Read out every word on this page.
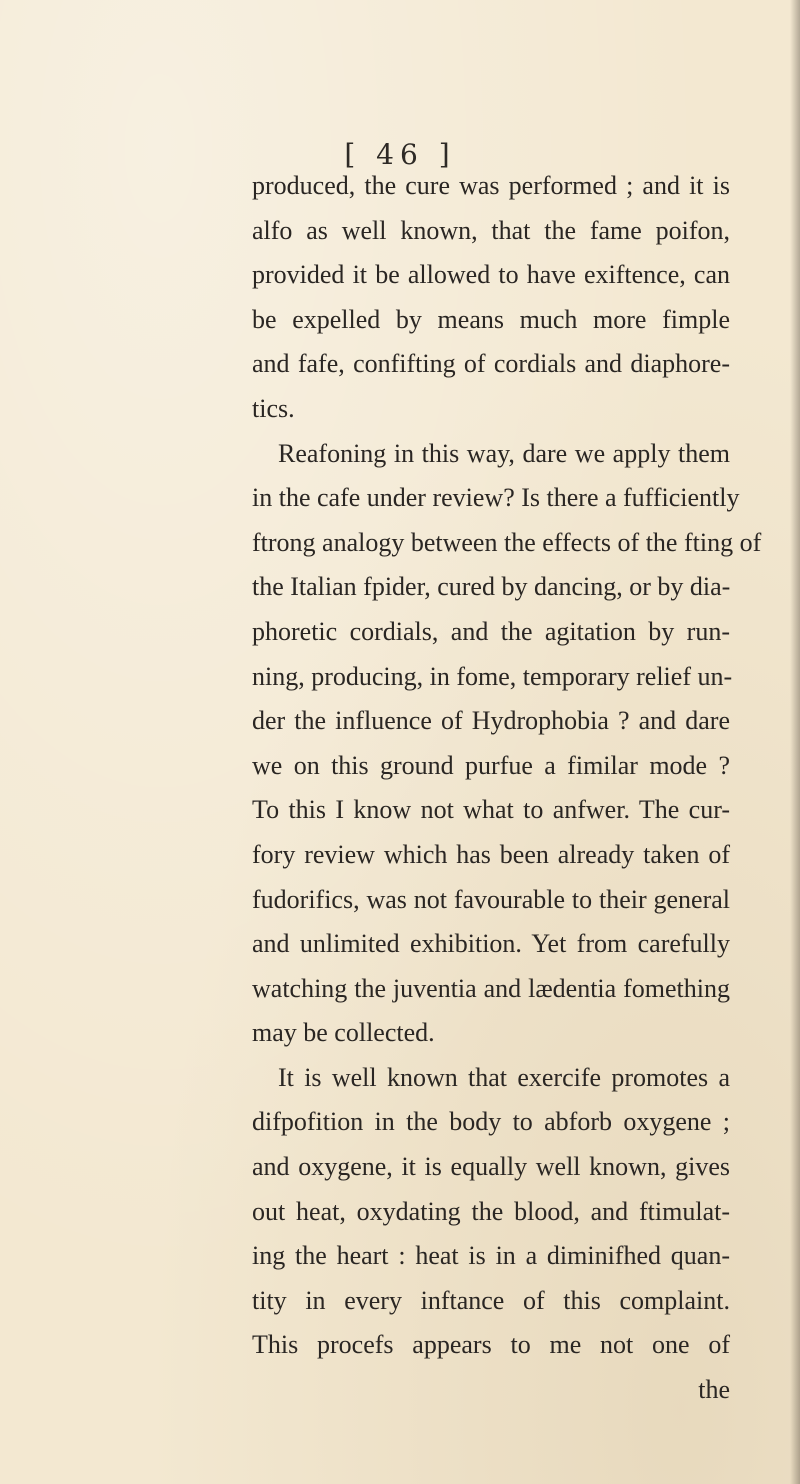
[ 46 ]
produced, the cure was performed ; and it is
alfo as well known, that the fame poifon,
provided it be allowed to have exiftence, can
be expelled by means much more fimple
and fafe, confifting of cordials and diaphore-
tics.
Reafoning in this way, dare we apply them
in the cafe under review? Is there a fufficiently
ftrong analogy between the effects of the fting of
the Italian fpider, cured by dancing, or by dia-
phoretic cordials, and the agitation by run-
ning, producing, in fome, temporary relief un-
der the influence of Hydrophobia ? and dare
we on this ground purfue a fimilar mode ?
To this I know not what to anfwer. The cur-
fory review which has been already taken of
fudorifics, was not favourable to their general
and unlimited exhibition. Yet from carefully
watching the juventia and lædentia fomething
may be collected.
It is well known that exercife promotes a
difpofition in the body to abforb oxygene ;
and oxygene, it is equally well known, gives
out heat, oxydating the blood, and ftimulat-
ing the heart : heat is in a diminifhed quan-
tity in every inftance of this complaint.
This procefs appears to me not one of
the
